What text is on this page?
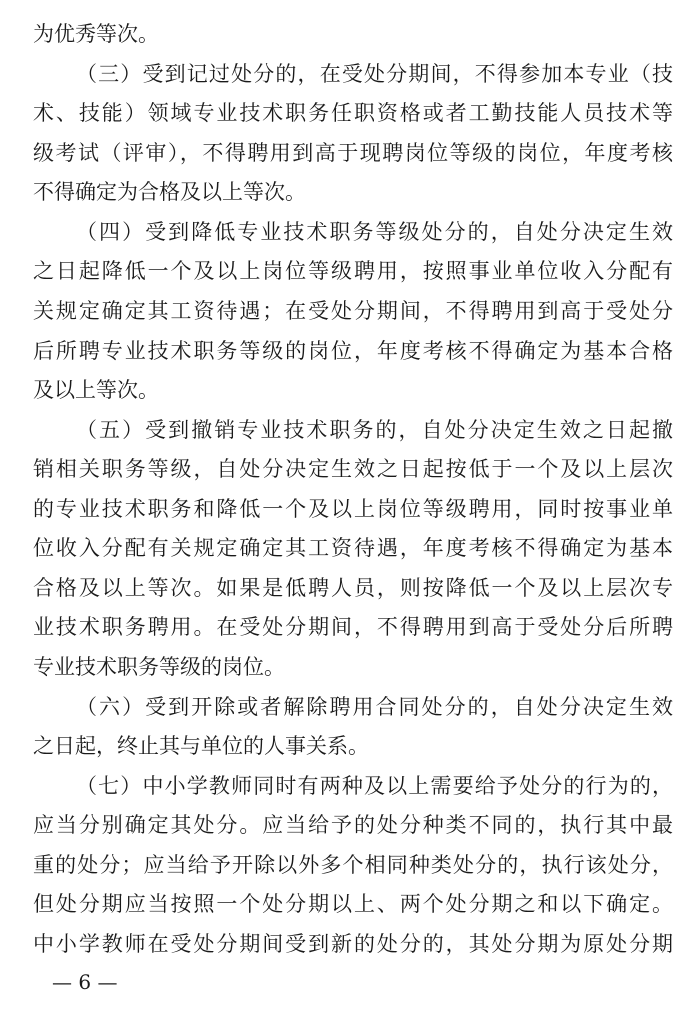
为优秀等次。
（三）受到记过处分的，在受处分期间，不得参加本专业（技
术、技能）领域专业技术职务任职资格或者工勤技能人员技术等
级考试（评审），不得聘用到高于现聘岗位等级的岗位，年度考核
不得确定为合格及以上等次。
（四）受到降低专业技术职务等级处分的，自处分决定生效
之日起降低一个及以上岗位等级聘用，按照事业单位收入分配有
关规定确定其工资待遇；在受处分期间，不得聘用到高于受处分
后所聘专业技术职务等级的岗位，年度考核不得确定为基本合格
及以上等次。
（五）受到撤销专业技术职务的，自处分决定生效之日起撤
销相关职务等级，自处分决定生效之日起按低于一个及以上层次
的专业技术职务和降低一个及以上岗位等级聘用，同时按事业单
位收入分配有关规定确定其工资待遇，年度考核不得确定为基本
合格及以上等次。如果是低聘人员，则按降低一个及以上层次专
业技术职务聘用。在受处分期间，不得聘用到高于受处分后所聘
专业技术职务等级的岗位。
（六）受到开除或者解除聘用合同处分的，自处分决定生效
之日起，终止其与单位的人事关系。
（七）中小学教师同时有两种及以上需要给予处分的行为的，
应当分别确定其处分。应当给予的处分种类不同的，执行其中最
重的处分；应当给予开除以外多个相同种类处分的，执行该处分，
但处分期应当按照一个处分期以上、两个处分期之和以下确定。
中小学教师在受处分期间受到新的处分的，其处分期为原处分期
— 6 —
